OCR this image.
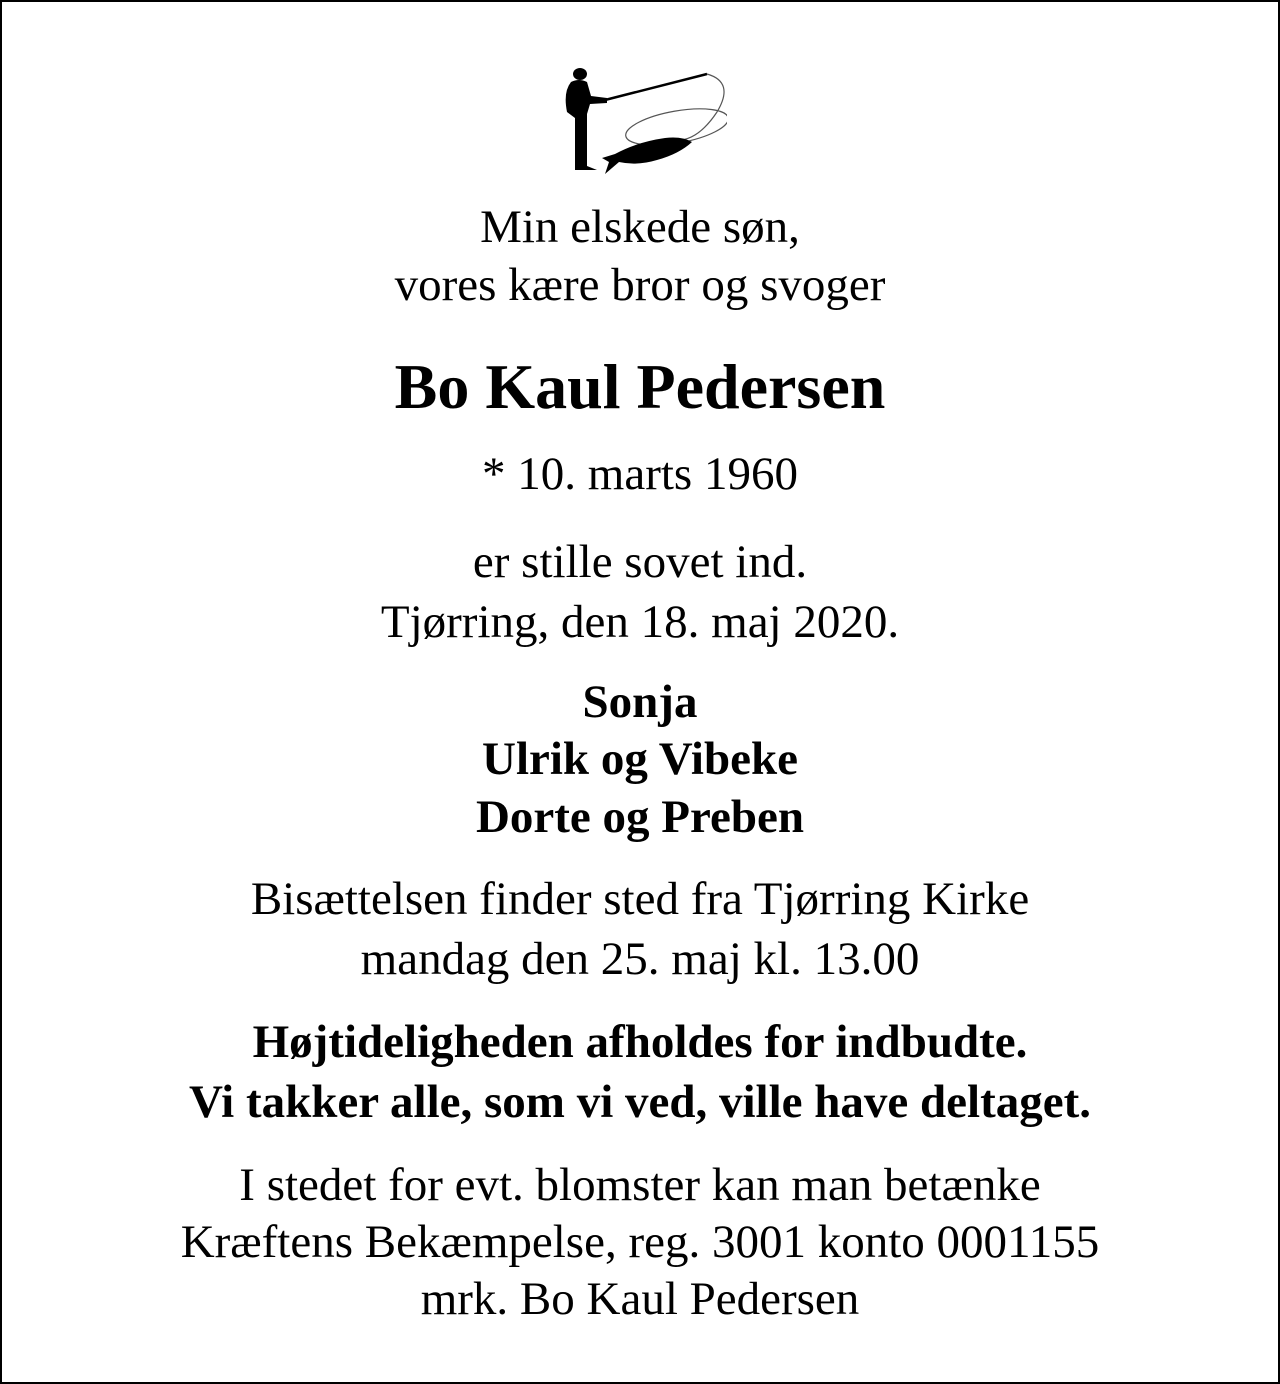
Min elskede søn,
vores kære bror og svoger
Bo Kaul Pedersen
* 10. marts 1960
er stille sovet ind.
Tjørring, den 18. maj 2020.
Sonja
Ulrik og Vibeke
Dorte og Preben
Bisættelsen finder sted fra Tjørring Kirke
mandag den 25. maj kl. 13.00
Højtideligheden afholdes for indbudte.
Vi takker alle, som vi ved, ville have deltaget.
I stedet for evt. blomster kan man betænke
Kræftens Bekæmpelse, reg. 3001 konto 0001155
mrk. Bo Kaul Pedersen
